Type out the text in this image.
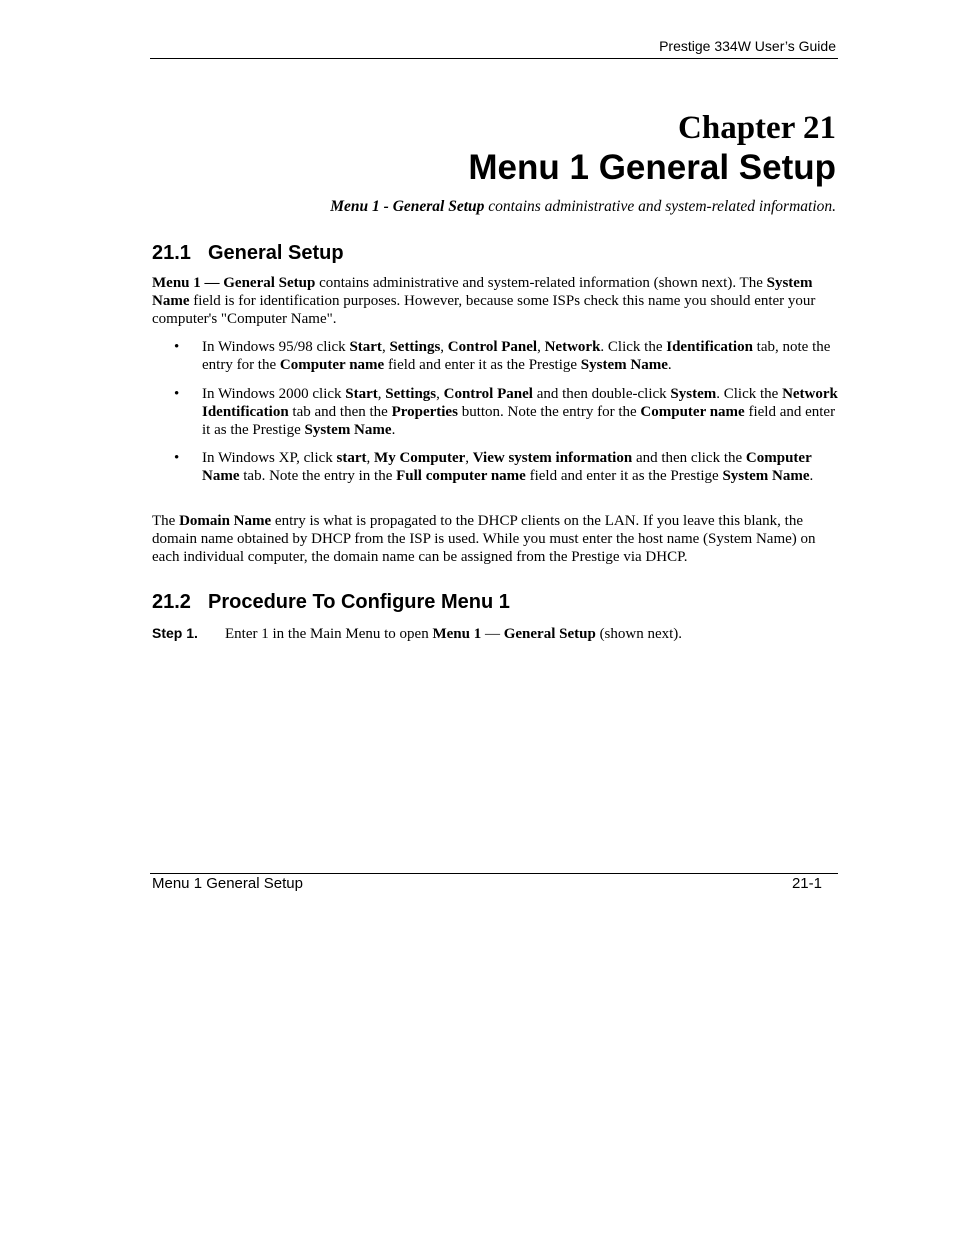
Prestige 334W User’s Guide
Chapter 21
Menu 1 General Setup
Menu 1 - General Setup contains administrative and system-related information.
21.1 General Setup

Menu 1 — General Setup contains administrative and system-related information (shown next). The System Name field is for identification purposes. However, because some ISPs check this name you should enter your computer's "Computer Name".

• In Windows 95/98 click Start, Settings, Control Panel, Network. Click the Identification tab, note the entry for the Computer name field and enter it as the Prestige System Name.
• In Windows 2000 click Start, Settings, Control Panel and then double-click System. Click the Network Identification tab and then the Properties button. Note the entry for the Computer name field and enter it as the Prestige System Name.
• In Windows XP, click start, My Computer, View system information and then click the Computer Name tab. Note the entry in the Full computer name field and enter it as the Prestige System Name.

The Domain Name entry is what is propagated to the DHCP clients on the LAN. If you leave this blank, the domain name obtained by DHCP from the ISP is used. While you must enter the host name (System Name) on each individual computer, the domain name can be assigned from the Prestige via DHCP.

21.2 Procedure To Configure Menu 1
Step 1. Enter 1 in the Main Menu to open Menu 1 — General Setup (shown next).
Menu 1 General Setup	21-1
